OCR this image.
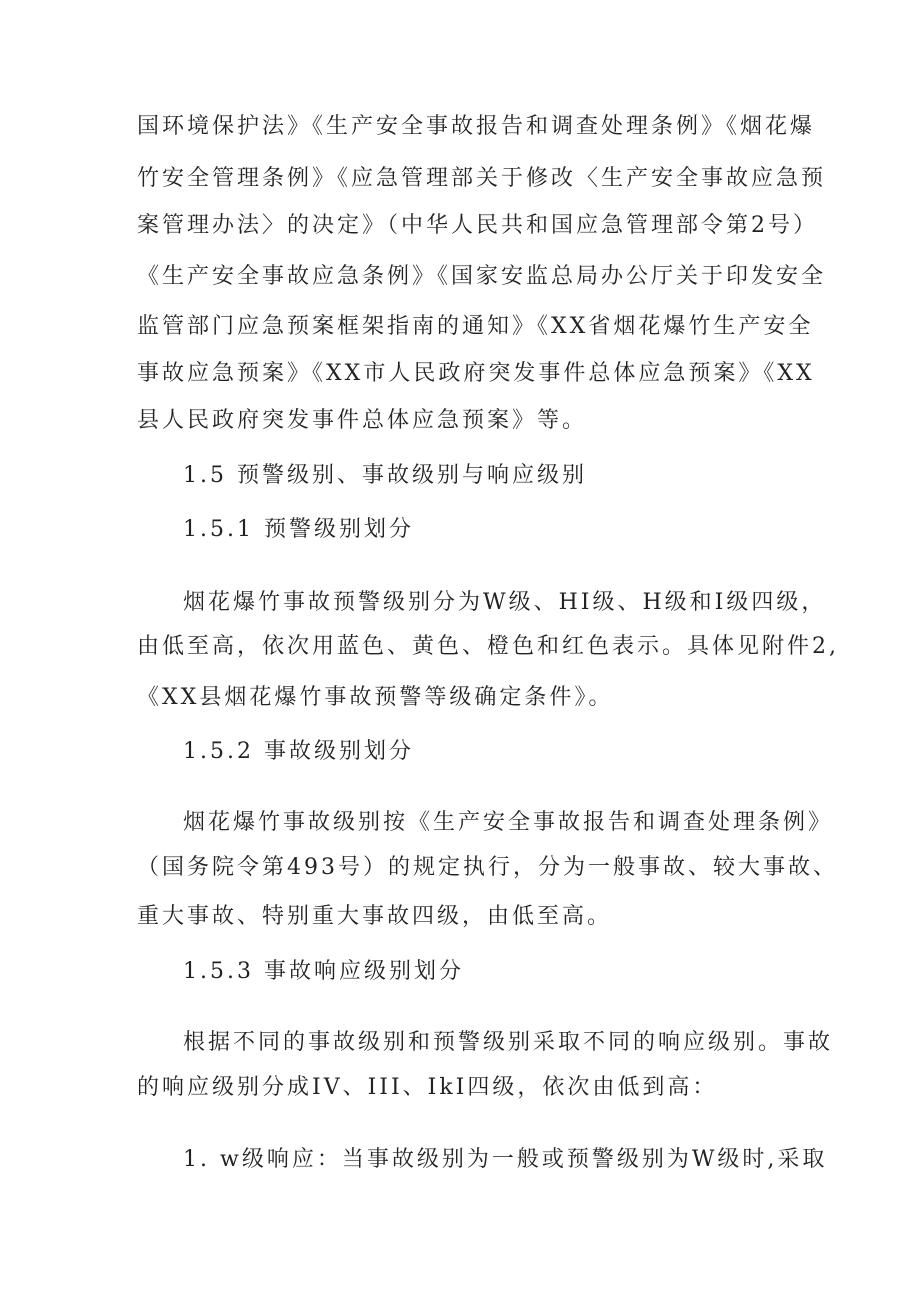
国环境保护法》《生产安全事故报告和调查处理条例》《烟花爆
竹安全管理条例》《应急管理部关于修改〈生产安全事故应急预
案管理办法〉的决定》（中华人民共和国应急管理部令第2号）
《生产安全事故应急条例》《国家安监总局办公厅关于印发安全
监管部门应急预案框架指南的通知》《XX省烟花爆竹生产安全
事故应急预案》《XX市人民政府突发事件总体应急预案》《XX
县人民政府突发事件总体应急预案》等。
1.5 预警级别、事故级别与响应级别
1.5.1 预警级别划分
烟花爆竹事故预警级别分为W级、HI级、H级和I级四级，
由低至高，依次用蓝色、黄色、橙色和红色表示。具体见附件2,
《XX县烟花爆竹事故预警等级确定条件》。
1.5.2 事故级别划分
烟花爆竹事故级别按《生产安全事故报告和调查处理条例》
（国务院令第493号）的规定执行，分为一般事故、较大事故、
重大事故、特别重大事故四级，由低至高。
1.5.3 事故响应级别划分
根据不同的事故级别和预警级别采取不同的响应级别。事故
的响应级别分成IV、III、IkI四级，依次由低到高：
1. w级响应：当事故级别为一般或预警级别为W级时,采取
